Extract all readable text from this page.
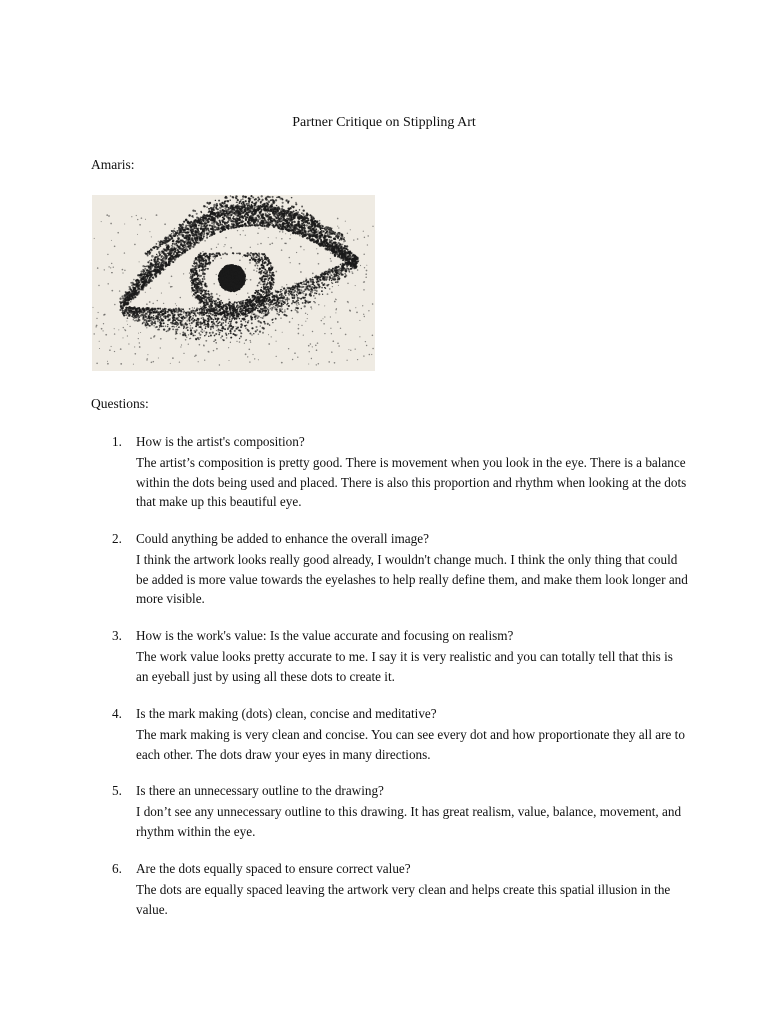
Partner Critique on Stippling Art
Amaris:
Questions:
1. How is the artist's composition?
The artist’s composition is pretty good. There is movement when you look in the eye. There is a balance within the dots being used and placed. There is also this proportion and rhythm when looking at the dots that make up this beautiful eye.
2. Could anything be added to enhance the overall image?
I think the artwork looks really good already, I wouldn't change much. I think the only thing that could be added is more value towards the eyelashes to help really define them, and make them look longer and more visible.
3. How is the work's value: Is the value accurate and focusing on realism?
The work value looks pretty accurate to me. I say it is very realistic and you can totally tell that this is an eyeball just by using all these dots to create it.
4. Is the mark making (dots) clean, concise and meditative?
The mark making is very clean and concise. You can see every dot and how proportionate they all are to each other. The dots draw your eyes in many directions.
5. Is there an unnecessary outline to the drawing?
I don’t see any unnecessary outline to this drawing. It has great realism, value, balance, movement, and rhythm within the eye.
6. Are the dots equally spaced to ensure correct value?
The dots are equally spaced leaving the artwork very clean and helps create this spatial illusion in the value.
